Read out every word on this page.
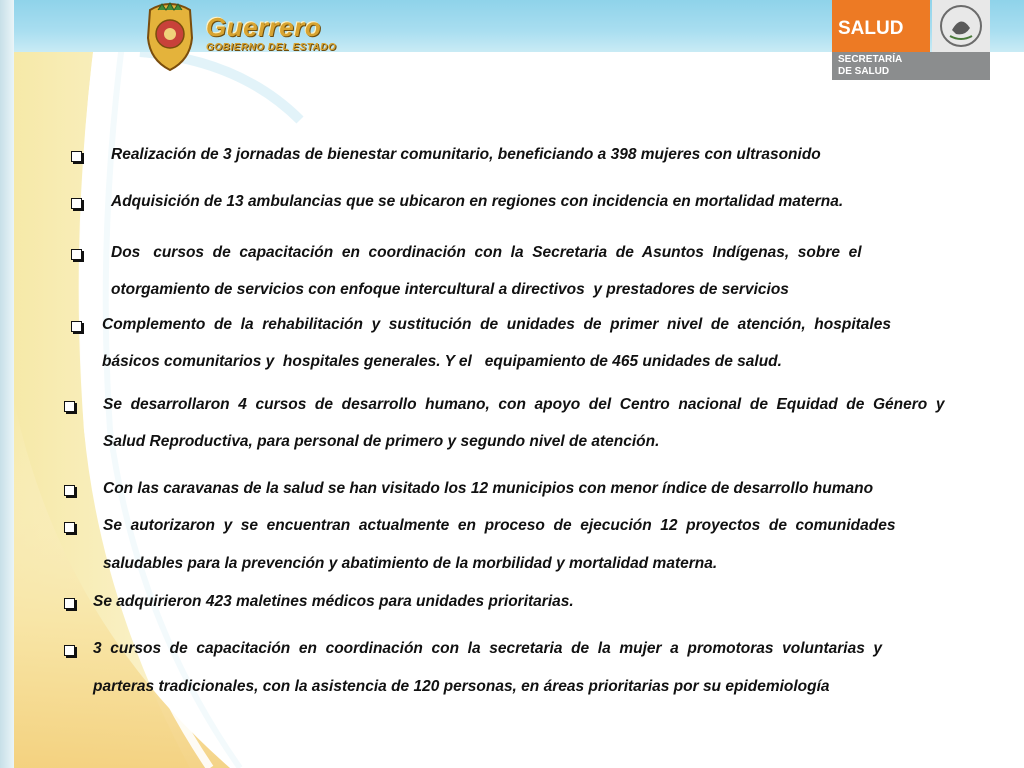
Guerrero
GOBIERNO DEL ESTADO
SALUD
SECRETARÍA
DE SALUD
Realización de 3 jornadas de bienestar comunitario, beneficiando a 398 mujeres con ultrasonido
Adquisición de 13 ambulancias que se ubicaron en regiones con incidencia en mortalidad materna.
Dos   cursos  de  capacitación  en  coordinación  con  la  Secretaria  de  Asuntos  Indígenas,  sobre  el
otorgamiento de servicios con enfoque intercultural a directivos  y prestadores de servicios
Complemento  de  la  rehabilitación  y  sustitución  de  unidades  de  primer  nivel  de  atención,  hospitales
básicos comunitarios y  hospitales generales. Y el   equipamiento de 465 unidades de salud.
Se  desarrollaron  4  cursos  de  desarrollo  humano,  con  apoyo  del  Centro  nacional  de  Equidad  de  Género  y
Salud Reproductiva, para personal de primero y segundo nivel de atención.
Con las caravanas de la salud se han visitado los 12 municipios con menor índice de desarrollo humano
Se  autorizaron  y  se  encuentran  actualmente  en  proceso  de  ejecución  12  proyectos  de  comunidades
saludables para la prevención y abatimiento de la morbilidad y mortalidad materna.
Se adquirieron 423 maletines médicos para unidades prioritarias.
3  cursos  de  capacitación  en  coordinación  con  la  secretaria  de  la  mujer  a  promotoras  voluntarias  y
parteras tradicionales, con la asistencia de 120 personas, en áreas prioritarias por su epidemiología
